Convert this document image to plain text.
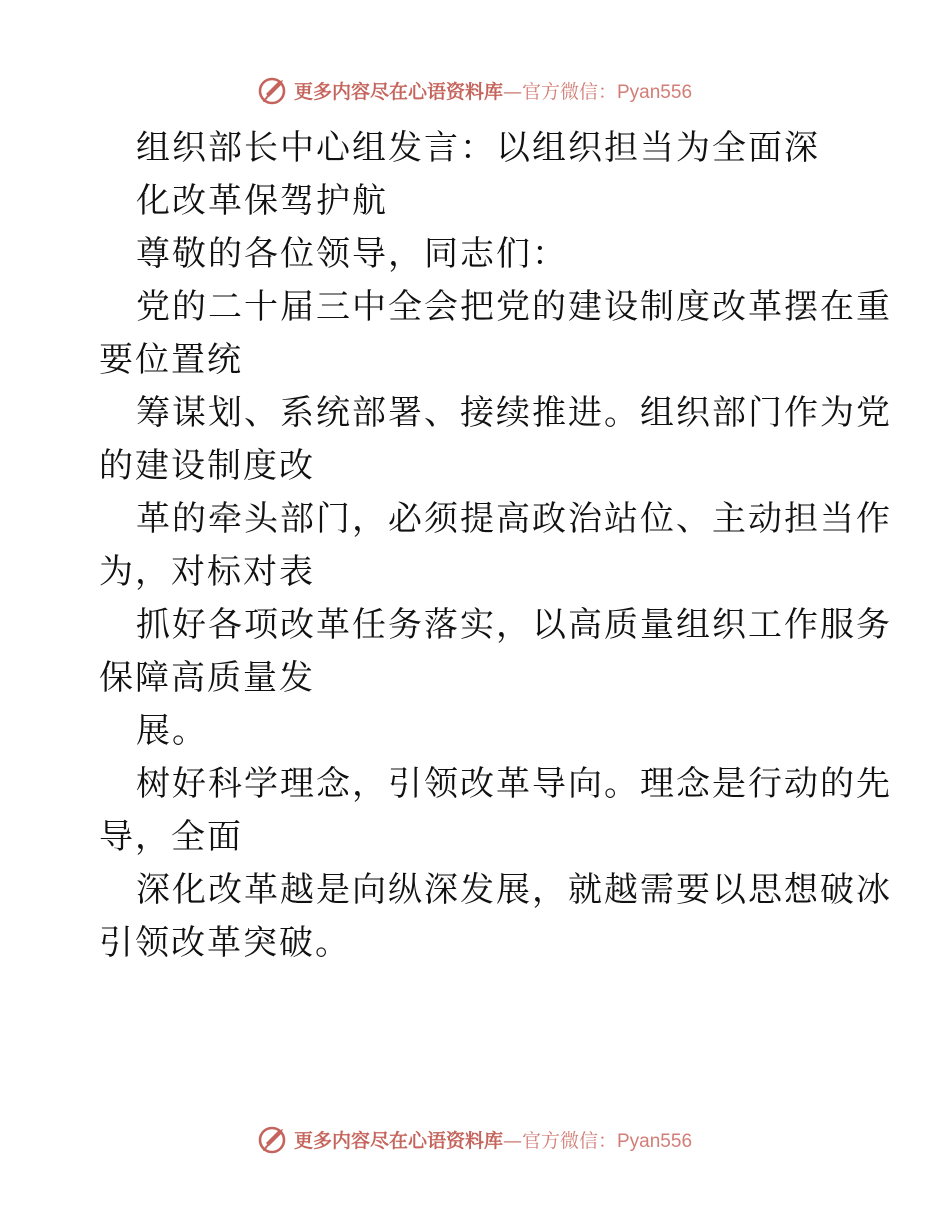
更多内容尽在心语资料库—官方微信：Pyan556
组织部长中心组发言：以组织担当为全面深
化改革保驾护航
尊敬的各位领导，同志们：
党的二十届三中全会把党的建设制度改革摆在重
要位置统
筹谋划、系统部署、接续推进。组织部门作为党
的建设制度改
革的牵头部门，必须提高政治站位、主动担当作
为，对标对表
抓好各项改革任务落实，以高质量组织工作服务
保障高质量发
展。
树好科学理念，引领改革导向。理念是行动的先
导，全面
深化改革越是向纵深发展，就越需要以思想破冰
引领改革突破。
更多内容尽在心语资料库—官方微信：Pyan556
